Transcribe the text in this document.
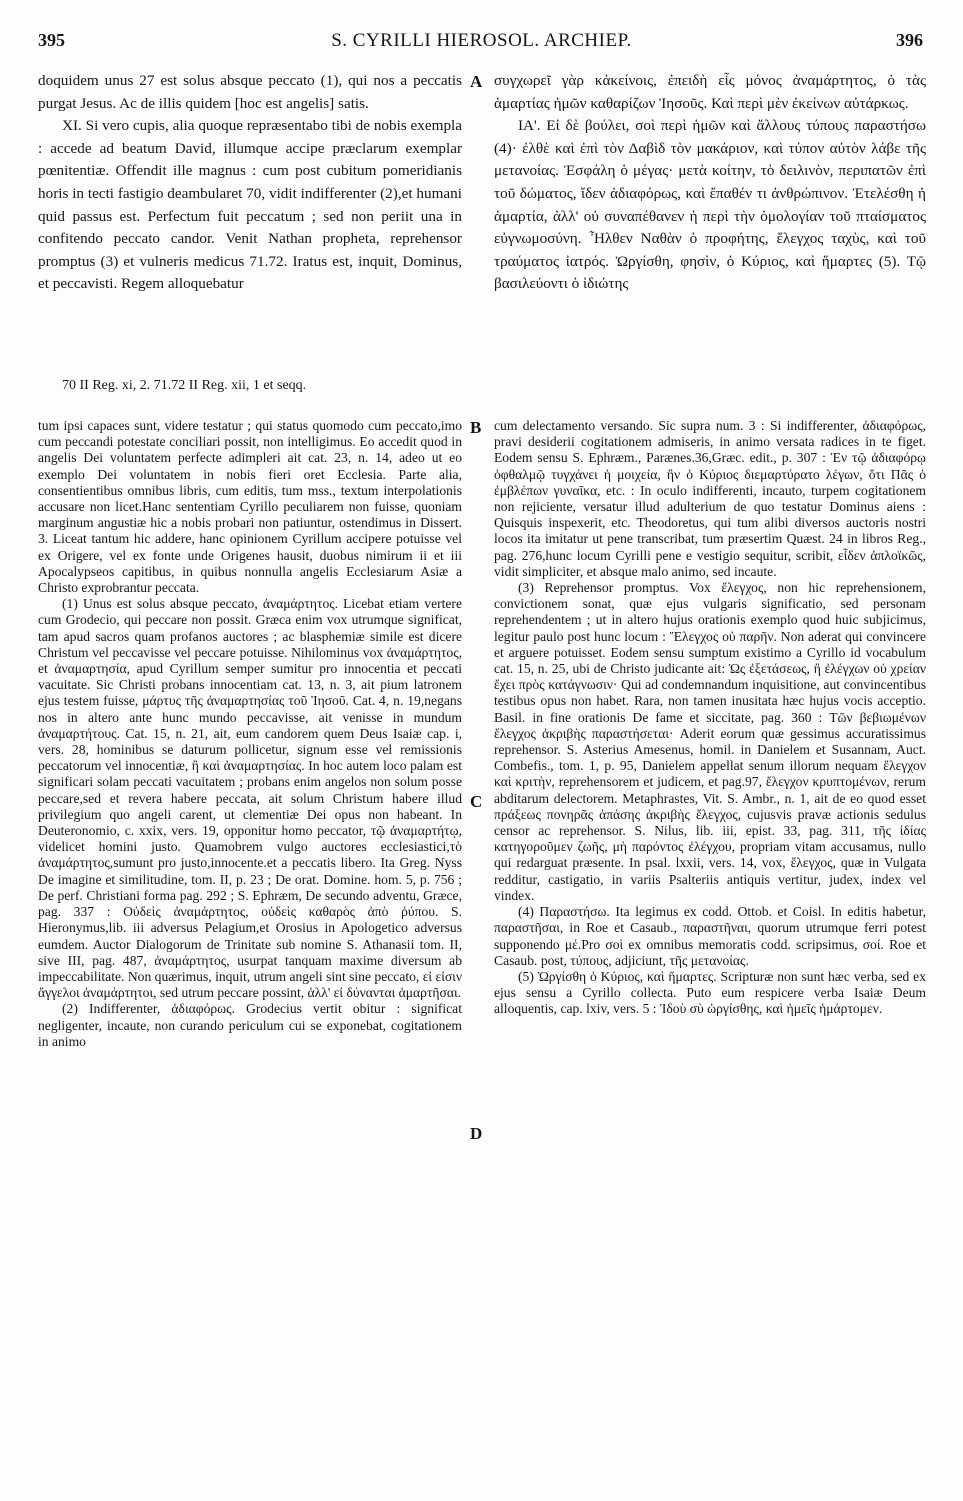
395	S. CYRILLI HIEROSOL. ARCHIEP.	396

doquidem unus 27 est solus absque peccato (1), qui nos a peccatis purgat Jesus. Ac de illis quidem [hoc est angelis] satis.

XI. Si vero cupis, alia quoque repræsentabo tibi de nobis exempla : accede ad beatum David, illumque accipe præclarum exemplar pœnitentiæ. Offendit ille magnus : cum post cubitum pomeridianis horis in tecti fastigio deambularet 70, vidit indifferenter (2),et humani quid passus est. Perfectum fuit peccatum ; sed non periit una in confitendo peccato candor. Venit Nathan propheta, reprehensor promptus (3) et vulneris medicus 71.72. Iratus est, inquit, Dominus, et peccavisti. Regem alloquebatur

A συγχωρεῖ γὰρ κἀκείνοις, ἐπειδὴ εἷς μόνος ἀναμάρτητος, ὁ τὰς ἁμαρτίας ἡμῶν καθαρίζων Ἰησοῦς. Καὶ περὶ μὲν ἐκείνων αὐτάρκως.

ΙΑ'. Εἰ δὲ βούλει, σοὶ περὶ ἡμῶν καὶ ἄλλους τύπους παραστήσω (4)· ἐλθὲ καὶ ἐπὶ τὸν Δαβὶδ τὸν μακάριον, καὶ τύπον αὐτὸν λάβε τῆς μετανοίας. Ἐσφάλη ὁ μέγας· μετὰ κοίτην, τὸ δειλινὸν, περιπατῶν ἐπὶ τοῦ δώματος, ἴδεν ἀδιαφόρως, καὶ ἔπαθέν τι ἀνθρώπινον. Ἐτελέσθη ἡ ἁμαρτία, ἀλλ' οὐ συναπέθανεν ἡ περὶ τὴν ὁμολογίαν τοῦ πταίσματος εὐγνωμοσύνη. Ἦλθεν Ναθὰν ὁ προφήτης, ἔλεγχος ταχὺς, καὶ τοῦ τραύματος ἰατρός. Ὠργίσθη, φησὶν, ὁ Κύριος, καὶ ἥμαρτες (5). Τῷ βασιλεύοντι ὁ ἰδιώτης

70 II Reg. xi, 2. 71.72 II Reg. xii, 1 et seqq.

tum ipsi capaces sunt, videre testatur ; qui status quomodo cum peccato,imo cum peccandi potestate conciliari possit, non intelligimus. Eo accedit quod in angelis Dei voluntatem perfecte adimpleri ait cat. 23, n. 14, adeo ut eo exemplo Dei voluntatem in nobis fieri oret Ecclesia. Parte alia, consentientibus omnibus libris, cum editis, tum mss., textum interpolationis accusare non licet.Hanc sententiam Cyrillo peculiarem non fuisse, quoniam marginum angustiæ hic a nobis probari non patiuntur, ostendimus in Dissert. 3. Liceat tantum hic addere, hanc opinionem Cyrillum accipere potuisse vel ex Origere, vel ex fonte unde Origenes hausit, duobus nimirum ii et iii Apocalypseos capitibus, in quibus nonnulla angelis Ecclesiarum Asiæ a Christo exprobrantur peccata.

(1) Unus est solus absque peccato, ἀναμάρτητος. Licebat etiam vertere cum Grodecio, qui peccare non possit. Græca enim vox utrumque significat, tam apud sacros quam profanos auctores ; ac blasphemiæ simile est dicere Christum vel peccavisse vel peccare potuisse. Nihilominus vox ἀναμάρτητος, et ἀναμαρτησία, apud Cyrillum semper sumitur pro innocentia et peccati vacuitate. Sic Christi probans innocentiam cat. 13, n. 3, ait pium latronem ejus testem fuisse, μάρτυς τῆς ἀναμαρτησίας τοῦ Ἰησοῦ. Cat. 4, n. 19,negans nos in altero ante hunc mundo peccavisse, ait venisse in mundum ἀναμαρτήτους. Cat. 15, n. 21, ait, eum candorem quem Deus Isaiæ cap. i, vers. 28, hominibus se daturum pollicetur, signum esse vel remissionis peccatorum vel innocentiæ, ἢ καὶ ἀναμαρτησίας. In hoc autem loco palam est significari solam peccati vacuitatem ; probans enim angelos non solum posse peccare,sed et revera habere peccata, ait solum Christum habere illud privilegium quo angeli carent, ut clementiæ Dei opus non habeant. In Deuteronomio, c. xxix, vers. 19, opponitur homo peccator, τῷ ἀναμαρτήτῳ, videlicet homini justo. Quamobrem vulgo auctores ecclesiastici,τὸ ἀναμάρτητος,sumunt pro justo,innocente.et a peccatis libero. Ita Greg. Nyss De imagine et similitudine, tom. II, p. 23 ; De orat. Domine. hom. 5, p. 756 ; De perf. Christiani forma pag. 292 ; S. Ephræm, De secundo adventu, Græce, pag. 337 : Οὐδεὶς ἀναμάρτητος, οὐδεὶς καθαρὸς ἀπὸ ῥύπου. S. Hieronymus,lib. iii adversus Pelagium,et Orosius in Apologetico adversus eumdem. Auctor Dialogorum de Trinitate sub nomine S. Athanasii tom. II, sive III, pag. 487, ἀναμάρτητος, usurpat tanquam maxime diversum ab impeccabilitate. Non quærimus, inquit, utrum angeli sint sine peccato, εἰ εἰσιν ἄγγελοι ἀναμάρτητοι, sed utrum peccare possint, ἀλλ' εἰ δύνανται ἁμαρτῆσαι.

(2) Indifferenter, ἀδιαφόρως. Grodecius vertit obitur : significat negligenter, incaute, non curando periculum cui se exponebat, cogitationem in animo

B
C
D

cum delectamento versando. Sic supra num. 3 : Si indifferenter, ἀδιαφόρως, pravi desiderii cogitationem admiseris, in animo versata radices in te figet. Eodem sensu S. Ephræm., Parænes.36,Græc. edit., p. 307 : Ἐν τῷ ἀδιαφόρῳ ὀφθαλμῷ τυγχάνει ἡ μοιχεία, ἣν ὁ Κύριος διεμαρτύρατο λέγων, ὅτι Πᾶς ὁ ἐμβλέπων γυναῖκα, etc. : In oculo indifferenti, incauto, turpem cogitationem non rejiciente, versatur illud adulterium de quo testatur Dominus aiens : Quisquis inspexerit, etc. Theodoretus, qui tum alibi diversos auctoris nostri locos ita imitatur ut pene transcribat, tum præsertim Quæst. 24 in libros Reg., pag. 276,hunc locum Cyrilli pene e vestigio sequitur, scribit, εἶδεν ἁπλοϊκῶς, vidit simpliciter, et absque malo animo, sed incaute.

(3) Reprehensor promptus. Vox ἔλεγχος, non hic reprehensionem, convictionem sonat, quæ ejus vulgaris significatio, sed personam reprehendentem ; ut in altero hujus orationis exemplo quod huic subjicimus, legitur paulo post hunc locum : Ἔλεγχος οὐ παρῆν. Non aderat qui convincere et arguere potuisset. Eodem sensu sumptum existimo a Cyrillo id vocabulum cat. 15, n. 25, ubi de Christo judicante ait: Ὡς ἐξετάσεως, ἢ ἐλέγχων οὐ χρείαν ἔχει πρὸς κατάγνωσιν· Qui ad condemnandum inquisitione, aut convincentibus testibus opus non habet. Rara, non tamen inusitata hæc hujus vocis acceptio. Basil. in fine orationis De fame et siccitate, pag. 360 : Τῶν βεβιωμένων ἔλεγχος ἀκριβὴς παραστήσεται· Aderit eorum quæ gessimus accuratissimus reprehensor. S. Asterius Amesenus, homil. in Danielem et Susannam, Auct. Combefis., tom. 1, p. 95, Danielem appellat senum illorum nequam ἔλεγχον καὶ κριτὴν, reprehensorem et judicem, et pag.97, ἔλεγχον κρυπτομένων, rerum abditarum delectorem. Metaphrastes, Vit. S. Ambr., n. 1, ait de eo quod esset πράξεως πονηρᾶς ἁπάσης ἀκριβὴς ἔλεγχος, cujusvis pravæ actionis sedulus censor ac reprehensor. S. Nilus, lib. iii, epist. 33, pag. 311, τῆς ἰδίας κατηγοροῦμεν ζωῆς, μὴ παρόντος ἐλέγχου, propriam vitam accusamus, nullo qui redarguat præsente. In psal. lxxii, vers. 14, vox, ἔλεγχος, quæ in Vulgata redditur, castigatio, in variis Psalteriis antiquis vertitur, judex, index vel vindex.

(4) Παραστήσω. Ita legimus ex codd. Ottob. et Coisl. In editis habetur, παραστῆσαι, in Roe et Casaub., παραστῆναι, quorum utrumque ferri potest supponendo μέ.Pro σοὶ ex omnibus memoratis codd. scripsimus, σοί. Roe et Casaub. post, τύπους, adjiciunt, τῆς μετανοίας.

(5) Ὠργίσθη ὁ Κύριος, καὶ ἥμαρτες. Scripturæ non sunt hæc verba, sed ex ejus sensu a Cyrillo collecta. Puto eum respicere verba Isaiæ Deum alloquentis, cap. lxiv, vers. 5 : Ἰδοὺ σὺ ὠργίσθης, καὶ ἡμεῖς ἡμάρτομεν.
